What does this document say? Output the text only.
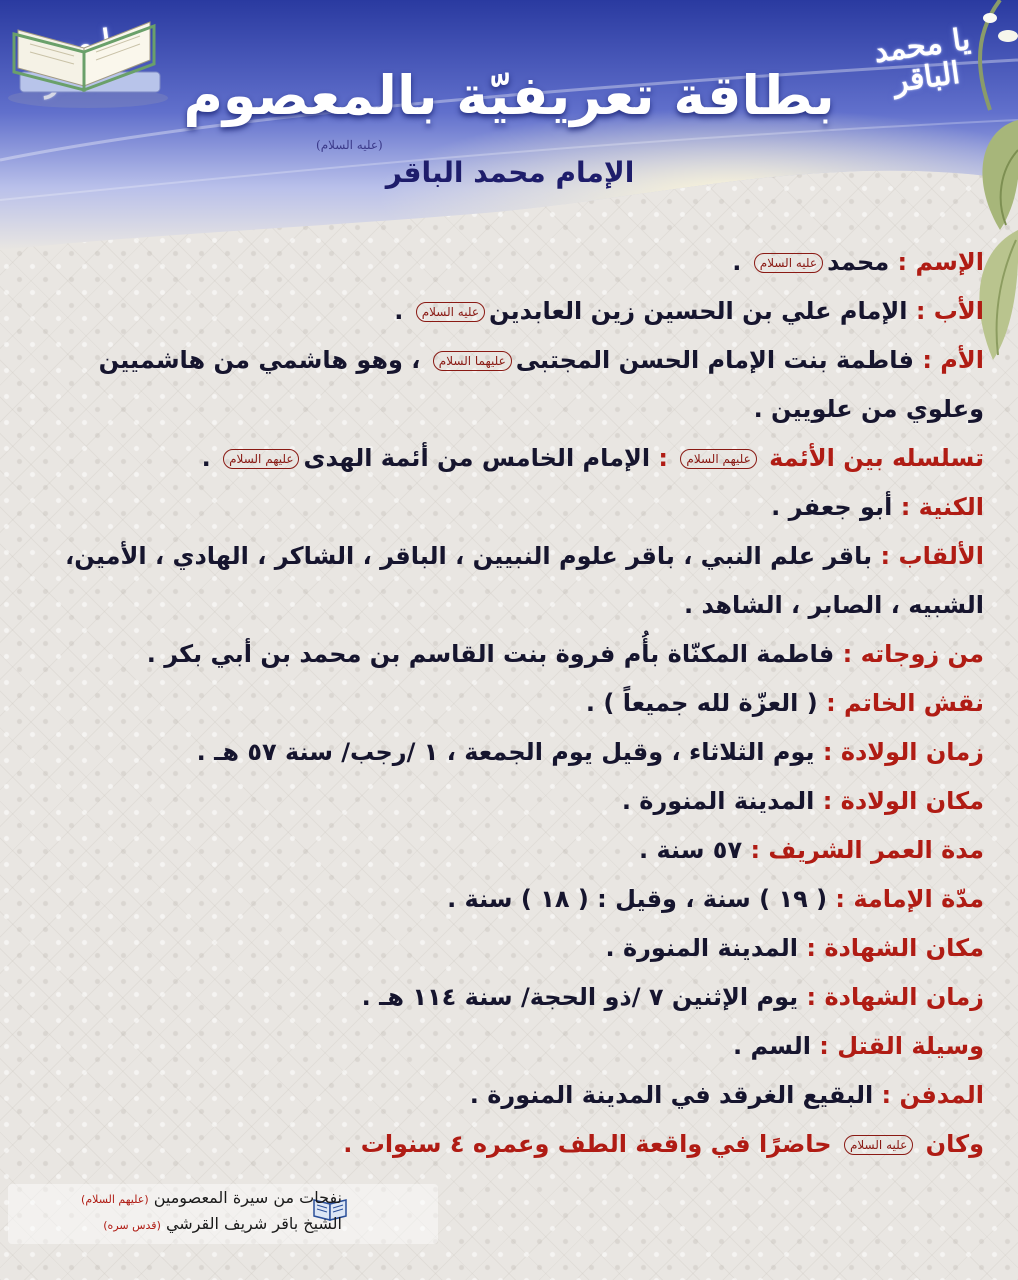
يا محمد الباقر
بطاقة تعريفيّة بالمعصوم
(عليه السلام)
الإمام محمد الباقر
الإسم : محمدعليه السلام .
الأب : الإمام علي بن الحسين زين العابدينعليه السلام .
الأم : فاطمة بنت الإمام الحسن المجتبىعليهما السلام ، وهو هاشمي من هاشميين
وعلوي من علويين .
تسلسله بين الأئمة عليهم السلام : الإمام الخامس من أئمة الهدىعليهم السلام .
الكنية : أبو جعفر .
الألقاب : باقر علم النبي ، باقر علوم النبيين ، الباقر ، الشاكر ، الهادي ، الأمين،
الشبيه ، الصابر ، الشاهد .
من زوجاته : فاطمة المكنّاة بأُم فروة بنت القاسم بن محمد بن أبي بكر .
نقش الخاتم : ( العزّة لله جميعاً ) .
زمان الولادة : يوم الثلاثاء ، وقيل يوم الجمعة ، ١ /رجب/ سنة ٥٧ هـ .
مكان الولادة : المدينة المنورة .
مدة العمر الشريف : ٥٧ سنة .
مدّة الإمامة : ( ١٩ ) سنة ، وقيل : ( ١٨ ) سنة .
مكان الشهادة : المدينة المنورة .
زمان الشهادة : يوم الإثنين ٧ /ذو الحجة/ سنة ١١٤ هـ .
وسيلة القتل : السم .
المدفن : البقيع الغرقد في المدينة المنورة .
وكان عليه السلام حاضرًا في واقعة الطف وعمره ٤ سنوات .
نفحات من سيرة المعصومين (عليهم السلام)
الشيخ باقر شريف القرشي (قدس سره)
